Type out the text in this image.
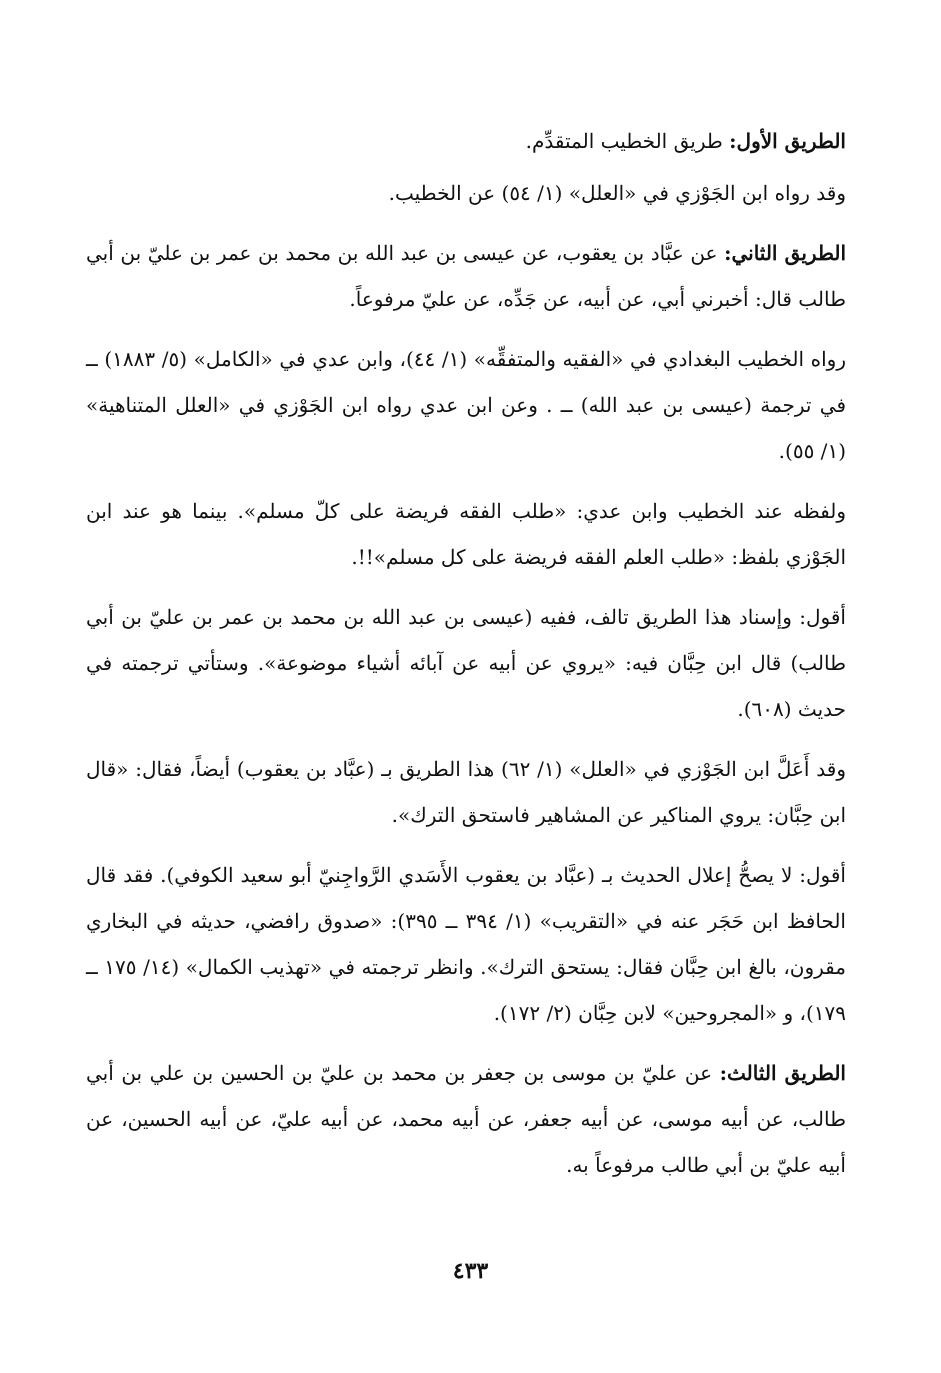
الطريق الأول: طريق الخطيب المتقدِّم.

وقد رواه ابن الجَوْزي في «العلل» (١/ ٥٤) عن الخطيب.

الطريق الثاني: عن عبَّاد بن يعقوب، عن عيسى بن عبد الله بن محمد بن عمر بن عليّ بن أبي طالب قال: أخبرني أبي، عن أبيه، عن جَدِّه، عن عليّ مرفوعاً.

رواه الخطيب البغدادي في «الفقيه والمتفقِّه» (١/ ٤٤)، وابن عدي في «الكامل» (٥/ ١٨٨٣) ــ في ترجمة (عيسى بن عبد الله) ــ . وعن ابن عدي رواه ابن الجَوْزي في «العلل المتناهية» (١/ ٥٥).

ولفظه عند الخطيب وابن عدي: «طلب الفقه فريضة على كلّ مسلم». بينما هو عند ابن الجَوْزي بلفظ: «طلب العلم الفقه فريضة على كل مسلم»!!.

أقول: وإسناد هذا الطريق تالف، ففيه (عيسى بن عبد الله بن محمد بن عمر بن عليّ بن أبي طالب) قال ابن حِبَّان فيه: «يروي عن أبيه عن آبائه أشياء موضوعة». وستأتي ترجمته في حديث (٦٠٨).

وقد أَعَلَّ ابن الجَوْزي في «العلل» (١/ ٦٢) هذا الطريق بـ (عبَّاد بن يعقوب) أيضاً، فقال: «قال ابن حِبَّان: يروي المناكير عن المشاهير فاستحق الترك».

أقول: لا يصحُّ إعلال الحديث بـ (عبَّاد بن يعقوب الأَسَدي الرَّواجِنيّ أبو سعيد الكوفي). فقد قال الحافظ ابن حَجَر عنه في «التقريب» (١/ ٣٩٤ ــ ٣٩٥): «صدوق رافضي، حديثه في البخاري مقرون، بالغ ابن حِبَّان فقال: يستحق الترك». وانظر ترجمته في «تهذيب الكمال» (١٤/ ١٧٥ ــ ١٧٩)، و «المجروحين» لابن حِبَّان (٢/ ١٧٢).

الطريق الثالث: عن عليّ بن موسى بن جعفر بن محمد بن عليّ بن الحسين بن علي بن أبي طالب، عن أبيه موسى، عن أبيه جعفر، عن أبيه محمد، عن أبيه عليّ، عن أبيه الحسين، عن أبيه عليّ بن أبي طالب مرفوعاً به.

٤٣٣
